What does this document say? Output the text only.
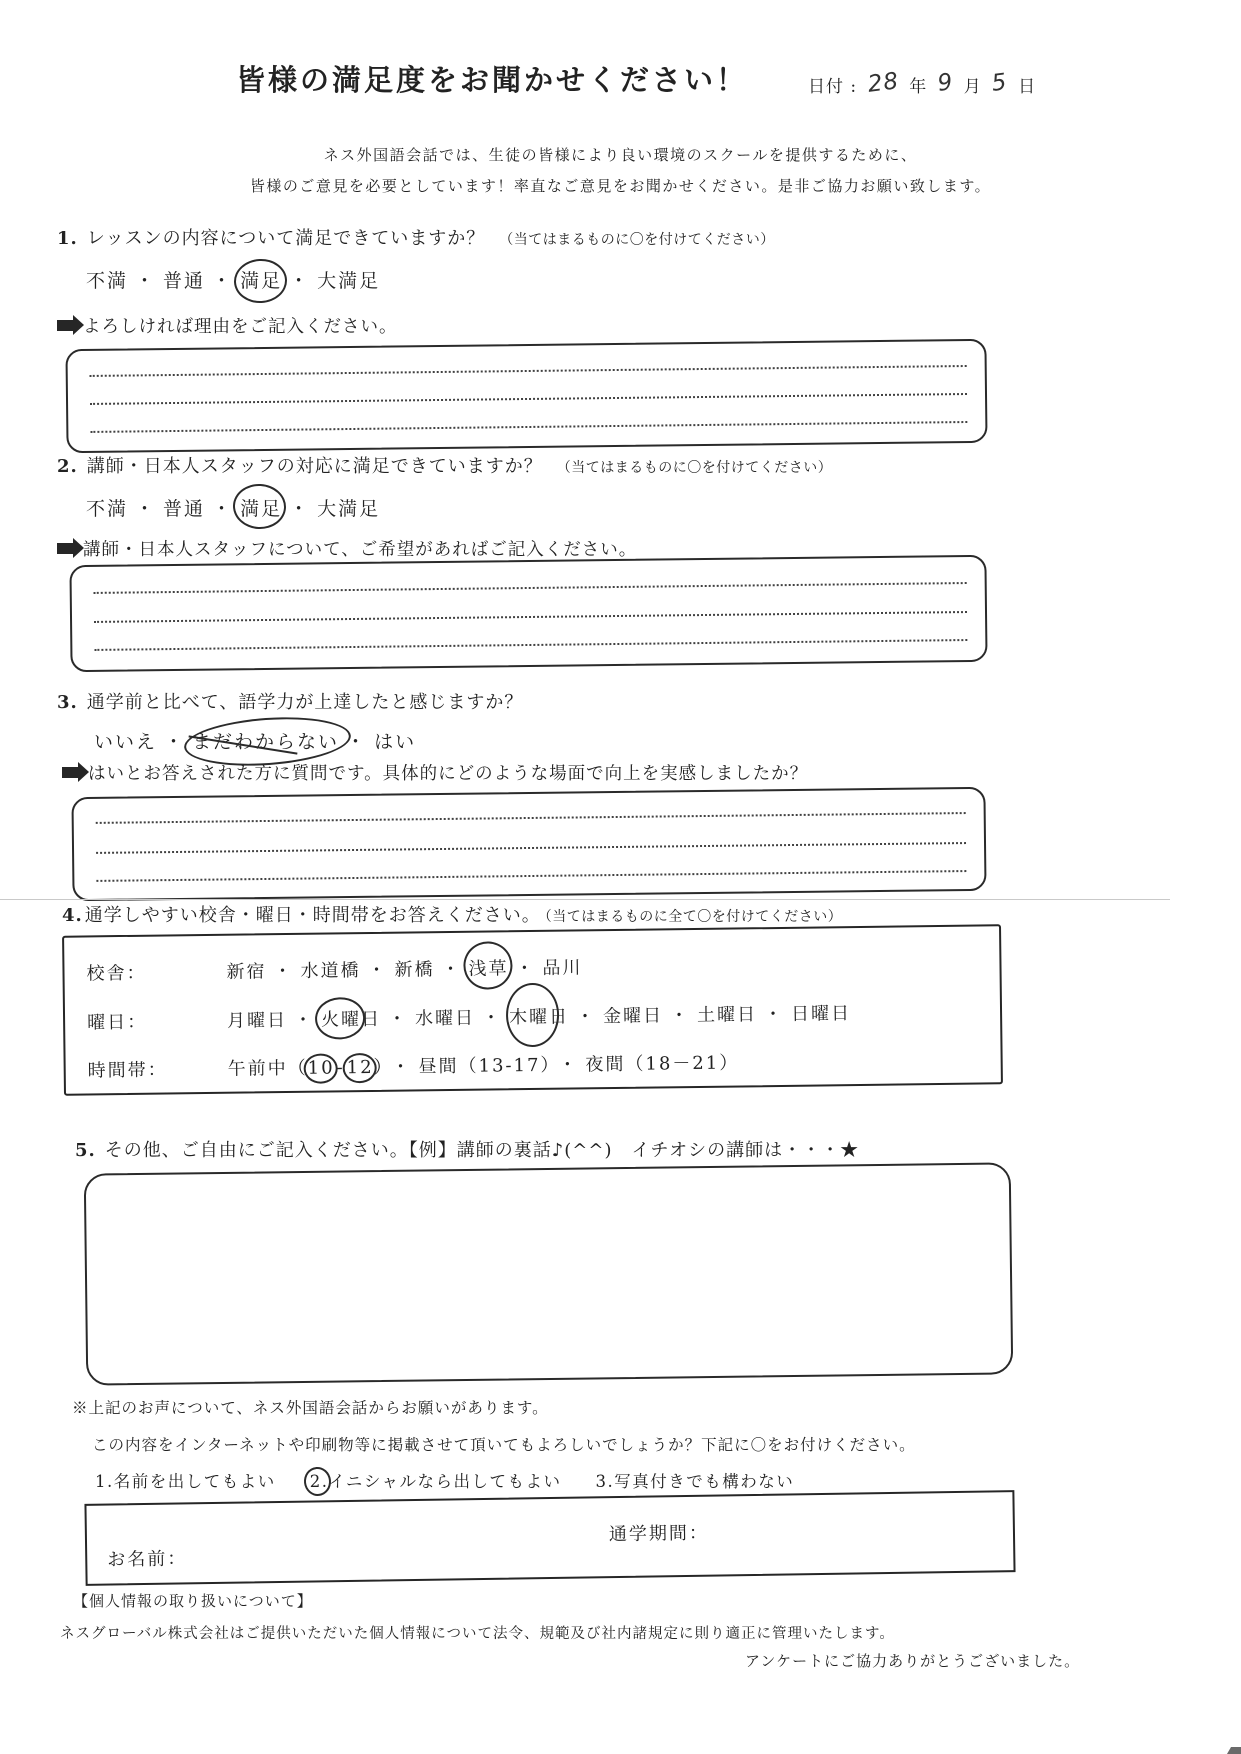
皆様の満足度をお聞かせください！	日付 : 28 年 9 月 5 日
ネス外国語会話では、生徒の皆様により良い環境のスクールを提供するために、
皆様のご意見を必要としています！率直なご意見をお聞かせください。是非ご協力お願い致します。
1. レッスンの内容について満足できていますか？ （当てはまるものに〇を付けてください）
不満 ・ 普通 ・ 満足 ・ 大満足
よろしければ理由をご記入ください。
2. 講師・日本人スタッフの対応に満足できていますか？ （当てはまるものに〇を付けてください）
不満 ・ 普通 ・ 満足 ・ 大満足
講師・日本人スタッフについて、ご希望があればご記入ください。
3. 通学前と比べて、語学力が上達したと感じますか？
いいえ ・ まだわからない ・ はい
はいとお答えされた方に質問です。具体的にどのような場面で向上を実感しましたか？
4. 通学しやすい校舎・曜日・時間帯をお答えください。 （当てはまるものに全て〇を付けてください）
校舎：	新宿 ・ 水道橋 ・ 新橋 ・ 浅草 ・ 品川
曜日：	月曜日 ・ 火曜日 ・ 水曜日 ・ 木曜日 ・ 金曜日 ・ 土曜日 ・ 日曜日
時間帯：	午前中（10-12） ・ 昼間（13-17） ・ 夜間（18－21）
5. その他、ご自由にご記入ください。【例】講師の裏話♪(^^)　イチオシの講師は・・・★
※上記のお声について、ネス外国語会話からお願いがあります。
この内容をインターネットや印刷物等に掲載させて頂いてもよろしいでしょうか？下記に〇をお付けください。
1.名前を出してもよい 2.イニシャルなら出してもよい 3.写真付きでも構わない
お名前：
通学期間：
【個人情報の取り扱いについて】
ネスグローバル株式会社はご提供いただいた個人情報について法令、規範及び社内諸規定に則り適正に管理いたします。
アンケートにご協力ありがとうございました。
